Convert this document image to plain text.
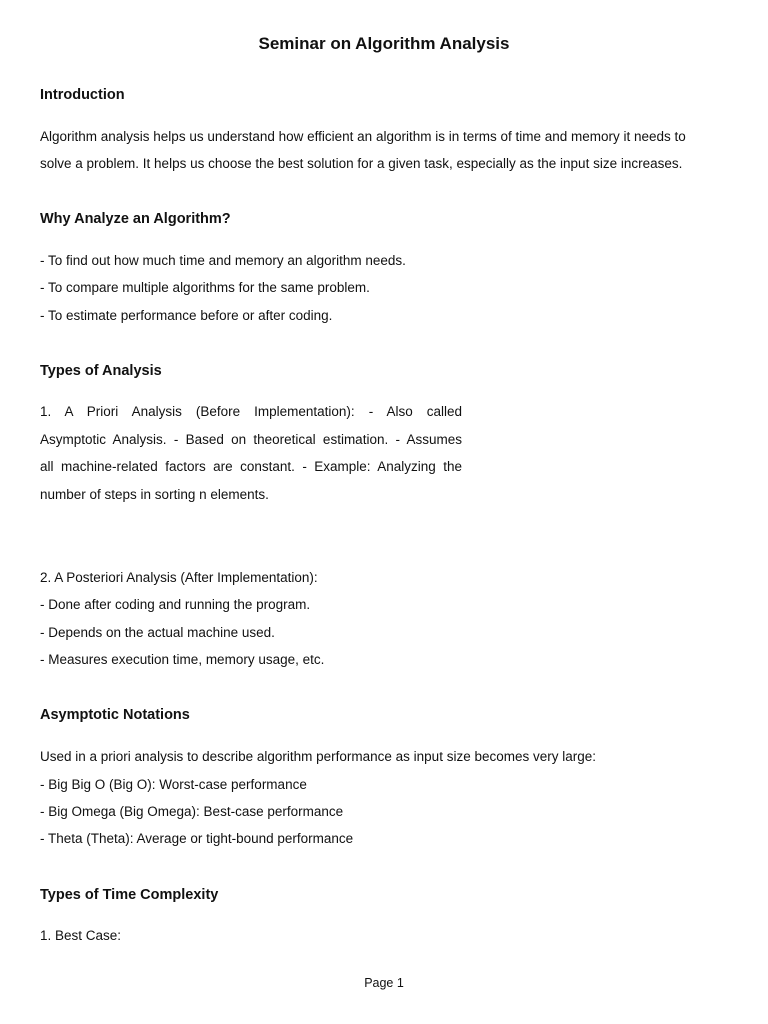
Seminar on Algorithm Analysis
Introduction

Algorithm analysis helps us understand how efficient an algorithm is in terms of time and memory it needs to

solve a problem. It helps us choose the best solution for a given task, especially as the input size increases.

Why Analyze an Algorithm?

- To find out how much time and memory an algorithm needs.

- To compare multiple algorithms for the same problem.

- To estimate performance before or after coding.

Types of Analysis

1. A Priori Analysis (Before Implementation): - Also called

Asymptotic Analysis. - Based on theoretical estimation. - Assumes

all machine-related factors are constant. - Example: Analyzing the

number of steps in sorting n elements.

2. A Posteriori Analysis (After Implementation):

- Done after coding and running the program.

- Depends on the actual machine used.

- Measures execution time, memory usage, etc.

Asymptotic Notations

Used in a priori analysis to describe algorithm performance as input size becomes very large:

- Big Big O (Big O): Worst-case performance

- Big Omega (Big Omega): Best-case performance

- Theta (Theta): Average or tight-bound performance

Types of Time Complexity

1. Best Case:

Page 1
